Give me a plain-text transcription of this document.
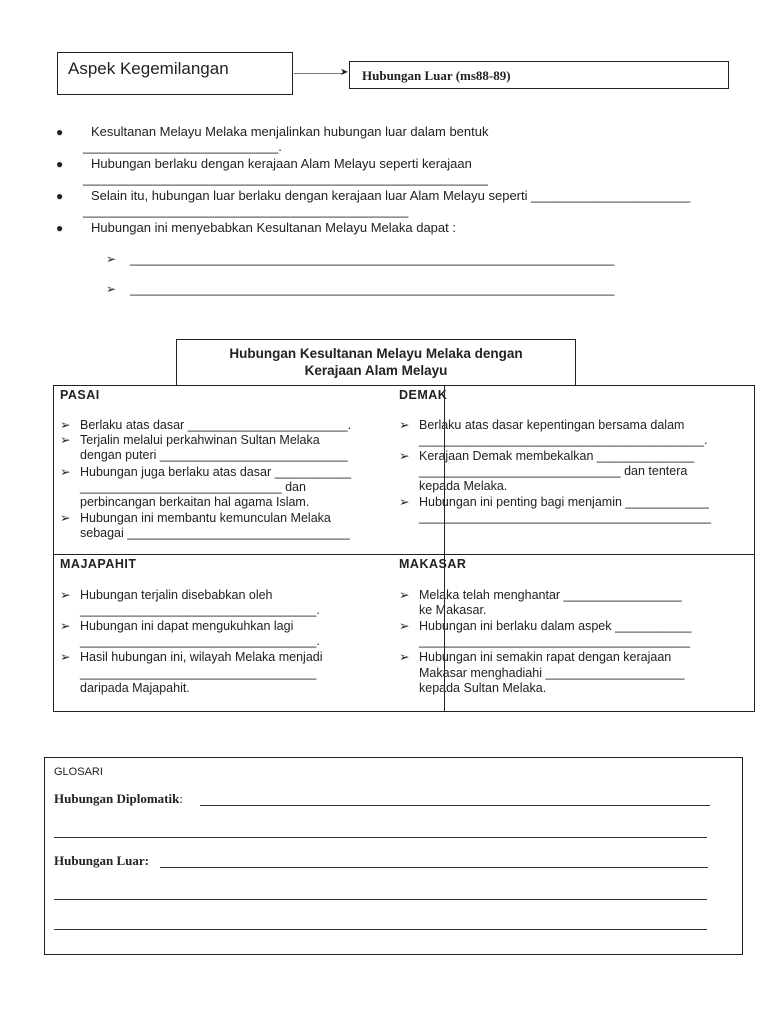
Aspek Kegemilangan	➤	Hubungan Luar (ms88-89)
● Kesultanan Melayu Melaka menjalinkan hubungan luar dalam bentuk
___________________________.
● Hubungan berlaku dengan kerajaan Alam Melayu seperti kerajaan
________________________________________________________
● Selain itu, hubungan luar berlaku dengan kerajaan luar Alam Melayu seperti ______________________
_____________________________________________
● Hubungan ini menyebabkan Kesultanan Melayu Melaka dapat :
➢ ___________________________________________________________________
➢ ___________________________________________________________________
PASAI
➢ Berlaku atas dasar _______________________.
➢ Terjalin melalui perkahwinan Sultan Melaka
dengan puteri ___________________________
➢ Hubungan juga berlaku atas dasar ___________
_____________________________ dan
perbincangan berkaitan hal agama Islam.
➢ Hubungan ini membantu kemunculan Melaka
sebagai ________________________________
DEMAK
➢ Berlaku atas dasar kepentingan bersama dalam
_________________________________________.
➢ Kerajaan Demak membekalkan ______________
_____________________________ dan tentera
kepada Melaka.
➢ Hubungan ini penting bagi menjamin ____________
__________________________________________
MAJAPAHIT
➢ Hubungan terjalin disebabkan oleh
__________________________________.
➢ Hubungan ini dapat mengukuhkan lagi
__________________________________.
➢ Hasil hubungan ini, wilayah Melaka menjadi
__________________________________
daripada Majapahit.
MAKASAR
➢ Melaka telah menghantar _________________
ke Makasar.
➢ Hubungan ini berlaku dalam aspek ___________
_______________________________________
➢ Hubungan ini semakin rapat dengan kerajaan
Makasar menghadiahi ____________________
kepada Sultan Melaka.
Hubungan Kesultanan Melayu Melaka dengan
Kerajaan Alam Melayu
GLOSARI
Hubungan Diplomatik:
Hubungan Luar:
